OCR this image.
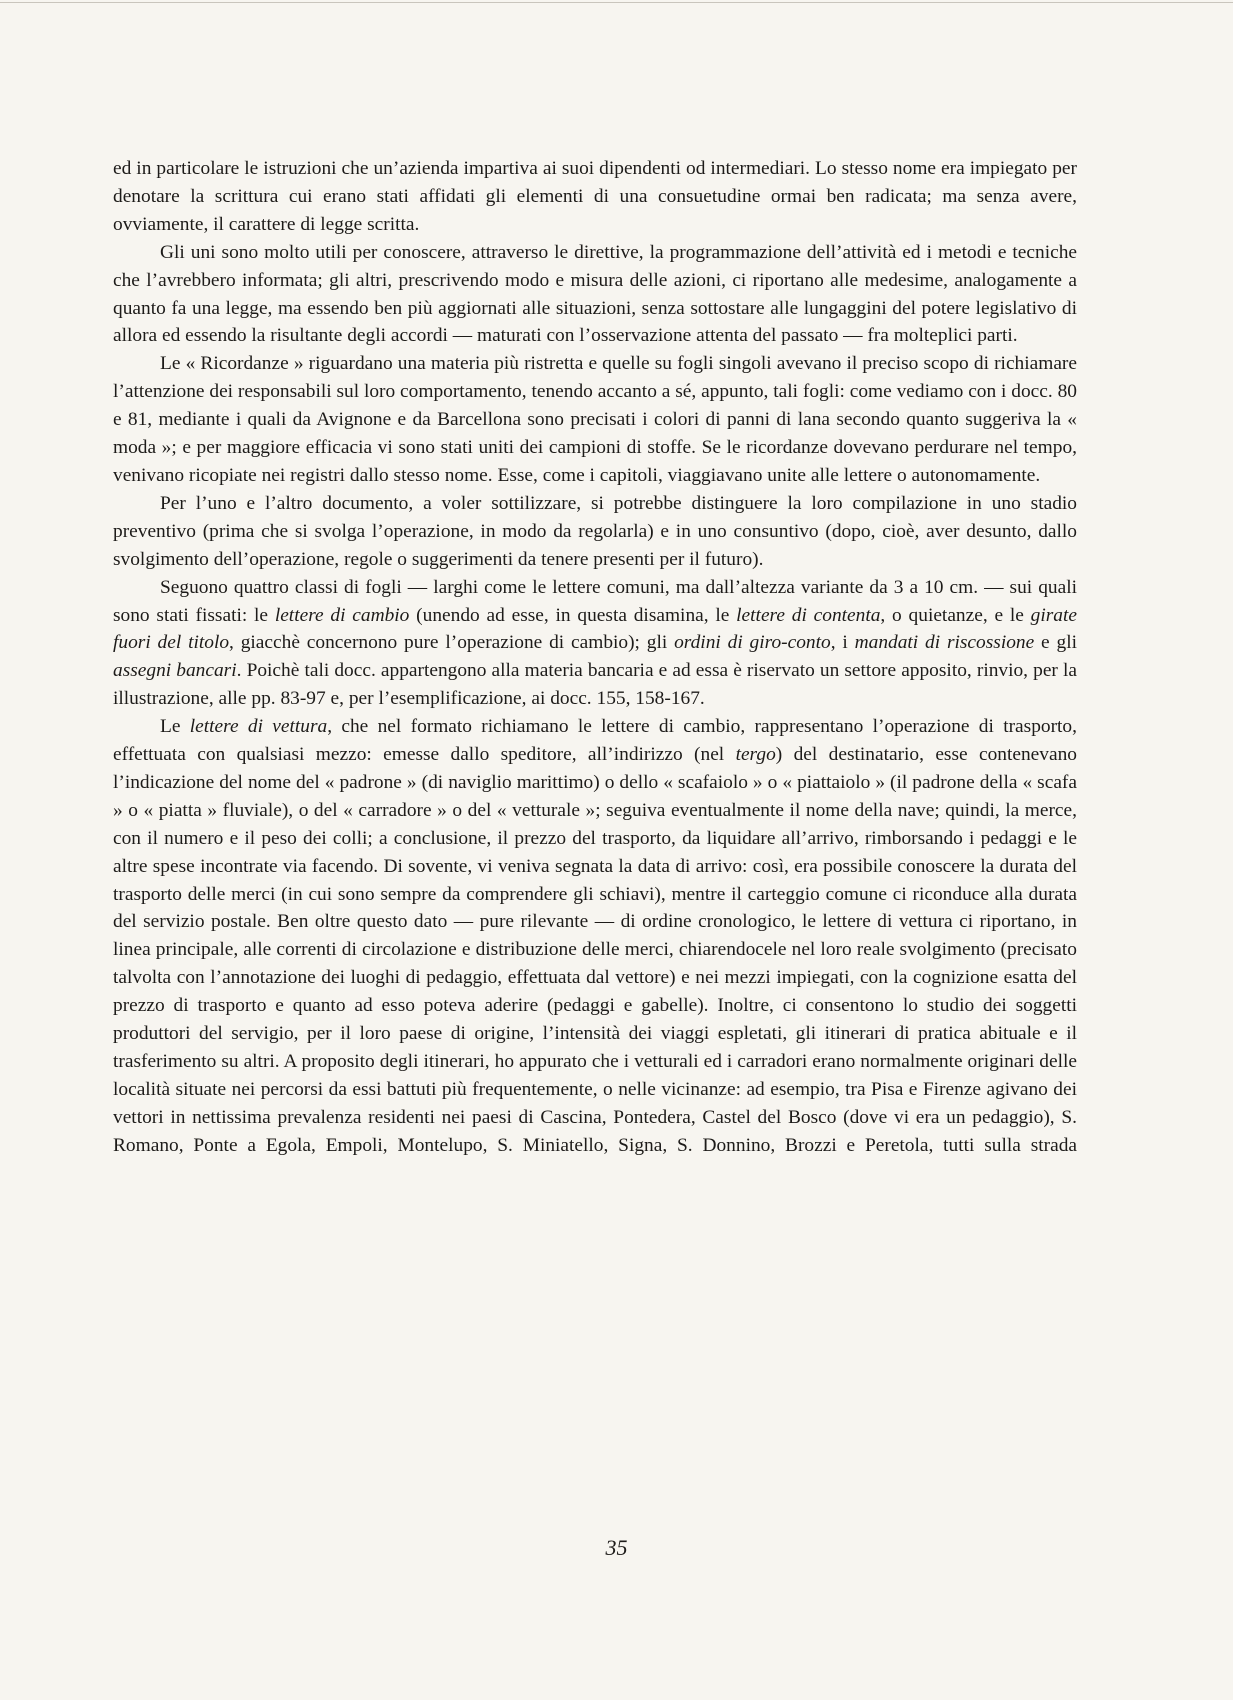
ed in particolare le istruzioni che un’azienda impartiva ai suoi dipendenti od intermediari. Lo stesso nome era impiegato per denotare la scrittura cui erano stati affidati gli elementi di una consuetudine ormai ben radicata; ma senza avere, ovviamente, il carattere di legge scritta.

Gli uni sono molto utili per conoscere, attraverso le direttive, la programmazione dell’attività ed i metodi e tecniche che l’avrebbero informata; gli altri, prescrivendo modo e misura delle azioni, ci riportano alle medesime, analogamente a quanto fa una legge, ma essendo ben più aggiornati alle situazioni, senza sottostare alle lungaggini del potere legislativo di allora ed essendo la risultante degli accordi — maturati con l’osservazione attenta del passato — fra molteplici parti.

Le « Ricordanze » riguardano una materia più ristretta e quelle su fogli singoli avevano il preciso scopo di richiamare l’attenzione dei responsabili sul loro comportamento, tenendo accanto a sé, appunto, tali fogli: come vediamo con i docc. 80 e 81, mediante i quali da Avignone e da Barcellona sono precisati i colori di panni di lana secondo quanto suggeriva la « moda »; e per maggiore efficacia vi sono stati uniti dei campioni di stoffe. Se le ricordanze dovevano perdurare nel tempo, venivano ricopiate nei registri dallo stesso nome. Esse, come i capitoli, viaggiavano unite alle lettere o autonomamente.

Per l’uno e l’altro documento, a voler sottilizzare, si potrebbe distinguere la loro compilazione in uno stadio preventivo (prima che si svolga l’operazione, in modo da regolarla) e in uno consuntivo (dopo, cioè, aver desunto, dallo svolgimento dell’operazione, regole o suggerimenti da tenere presenti per il futuro).

Seguono quattro classi di fogli — larghi come le lettere comuni, ma dall’altezza variante da 3 a 10 cm. — sui quali sono stati fissati: le lettere di cambio (unendo ad esse, in questa disamina, le lettere di contenta, o quietanze, e le girate fuori del titolo, giacchè concernono pure l’operazione di cambio); gli ordini di giro-conto, i mandati di riscossione e gli assegni bancari. Poichè tali docc. appartengono alla materia bancaria e ad essa è riservato un settore apposito, rinvio, per la illustrazione, alle pp. 83-97 e, per l’esemplificazione, ai docc. 155, 158-167.

Le lettere di vettura, che nel formato richiamano le lettere di cambio, rappresentano l’operazione di trasporto, effettuata con qualsiasi mezzo: emesse dallo speditore, all’indirizzo (nel tergo) del destinatario, esse contenevano l’indicazione del nome del « padrone » (di naviglio marittimo) o dello « scafaiolo » o « piattaiolo » (il padrone della « scafa » o « piatta » fluviale), o del « carradore » o del « vetturale »; seguiva eventualmente il nome della nave; quindi, la merce, con il numero e il peso dei colli; a conclusione, il prezzo del trasporto, da liquidare all’arrivo, rimborsando i pedaggi e le altre spese incontrate via facendo. Di sovente, vi veniva segnata la data di arrivo: così, era possibile conoscere la durata del trasporto delle merci (in cui sono sempre da comprendere gli schiavi), mentre il carteggio comune ci riconduce alla durata del servizio postale. Ben oltre questo dato — pure rilevante — di ordine cronologico, le lettere di vettura ci riportano, in linea principale, alle correnti di circolazione e distribuzione delle merci, chiarendocele nel loro reale svolgimento (precisato talvolta con l’annotazione dei luoghi di pedaggio, effettuata dal vettore) e nei mezzi impiegati, con la cognizione esatta del prezzo di trasporto e quanto ad esso poteva aderire (pedaggi e gabelle). Inoltre, ci consentono lo studio dei soggetti produttori del servigio, per il loro paese di origine, l’intensità dei viaggi espletati, gli itinerari di pratica abituale e il trasferimento su altri. A proposito degli itinerari, ho appurato che i vetturali ed i carradori erano normalmente originari delle località situate nei percorsi da essi battuti più frequentemente, o nelle vicinanze: ad esempio, tra Pisa e Firenze agivano dei vettori in nettissima prevalenza residenti nei paesi di Cascina, Pontedera, Castel del Bosco (dove vi era un pedaggio), S. Romano, Ponte a Egola, Empoli, Montelupo, S. Miniatello, Signa, S. Donnino, Brozzi e Peretola, tutti sulla strada

35
